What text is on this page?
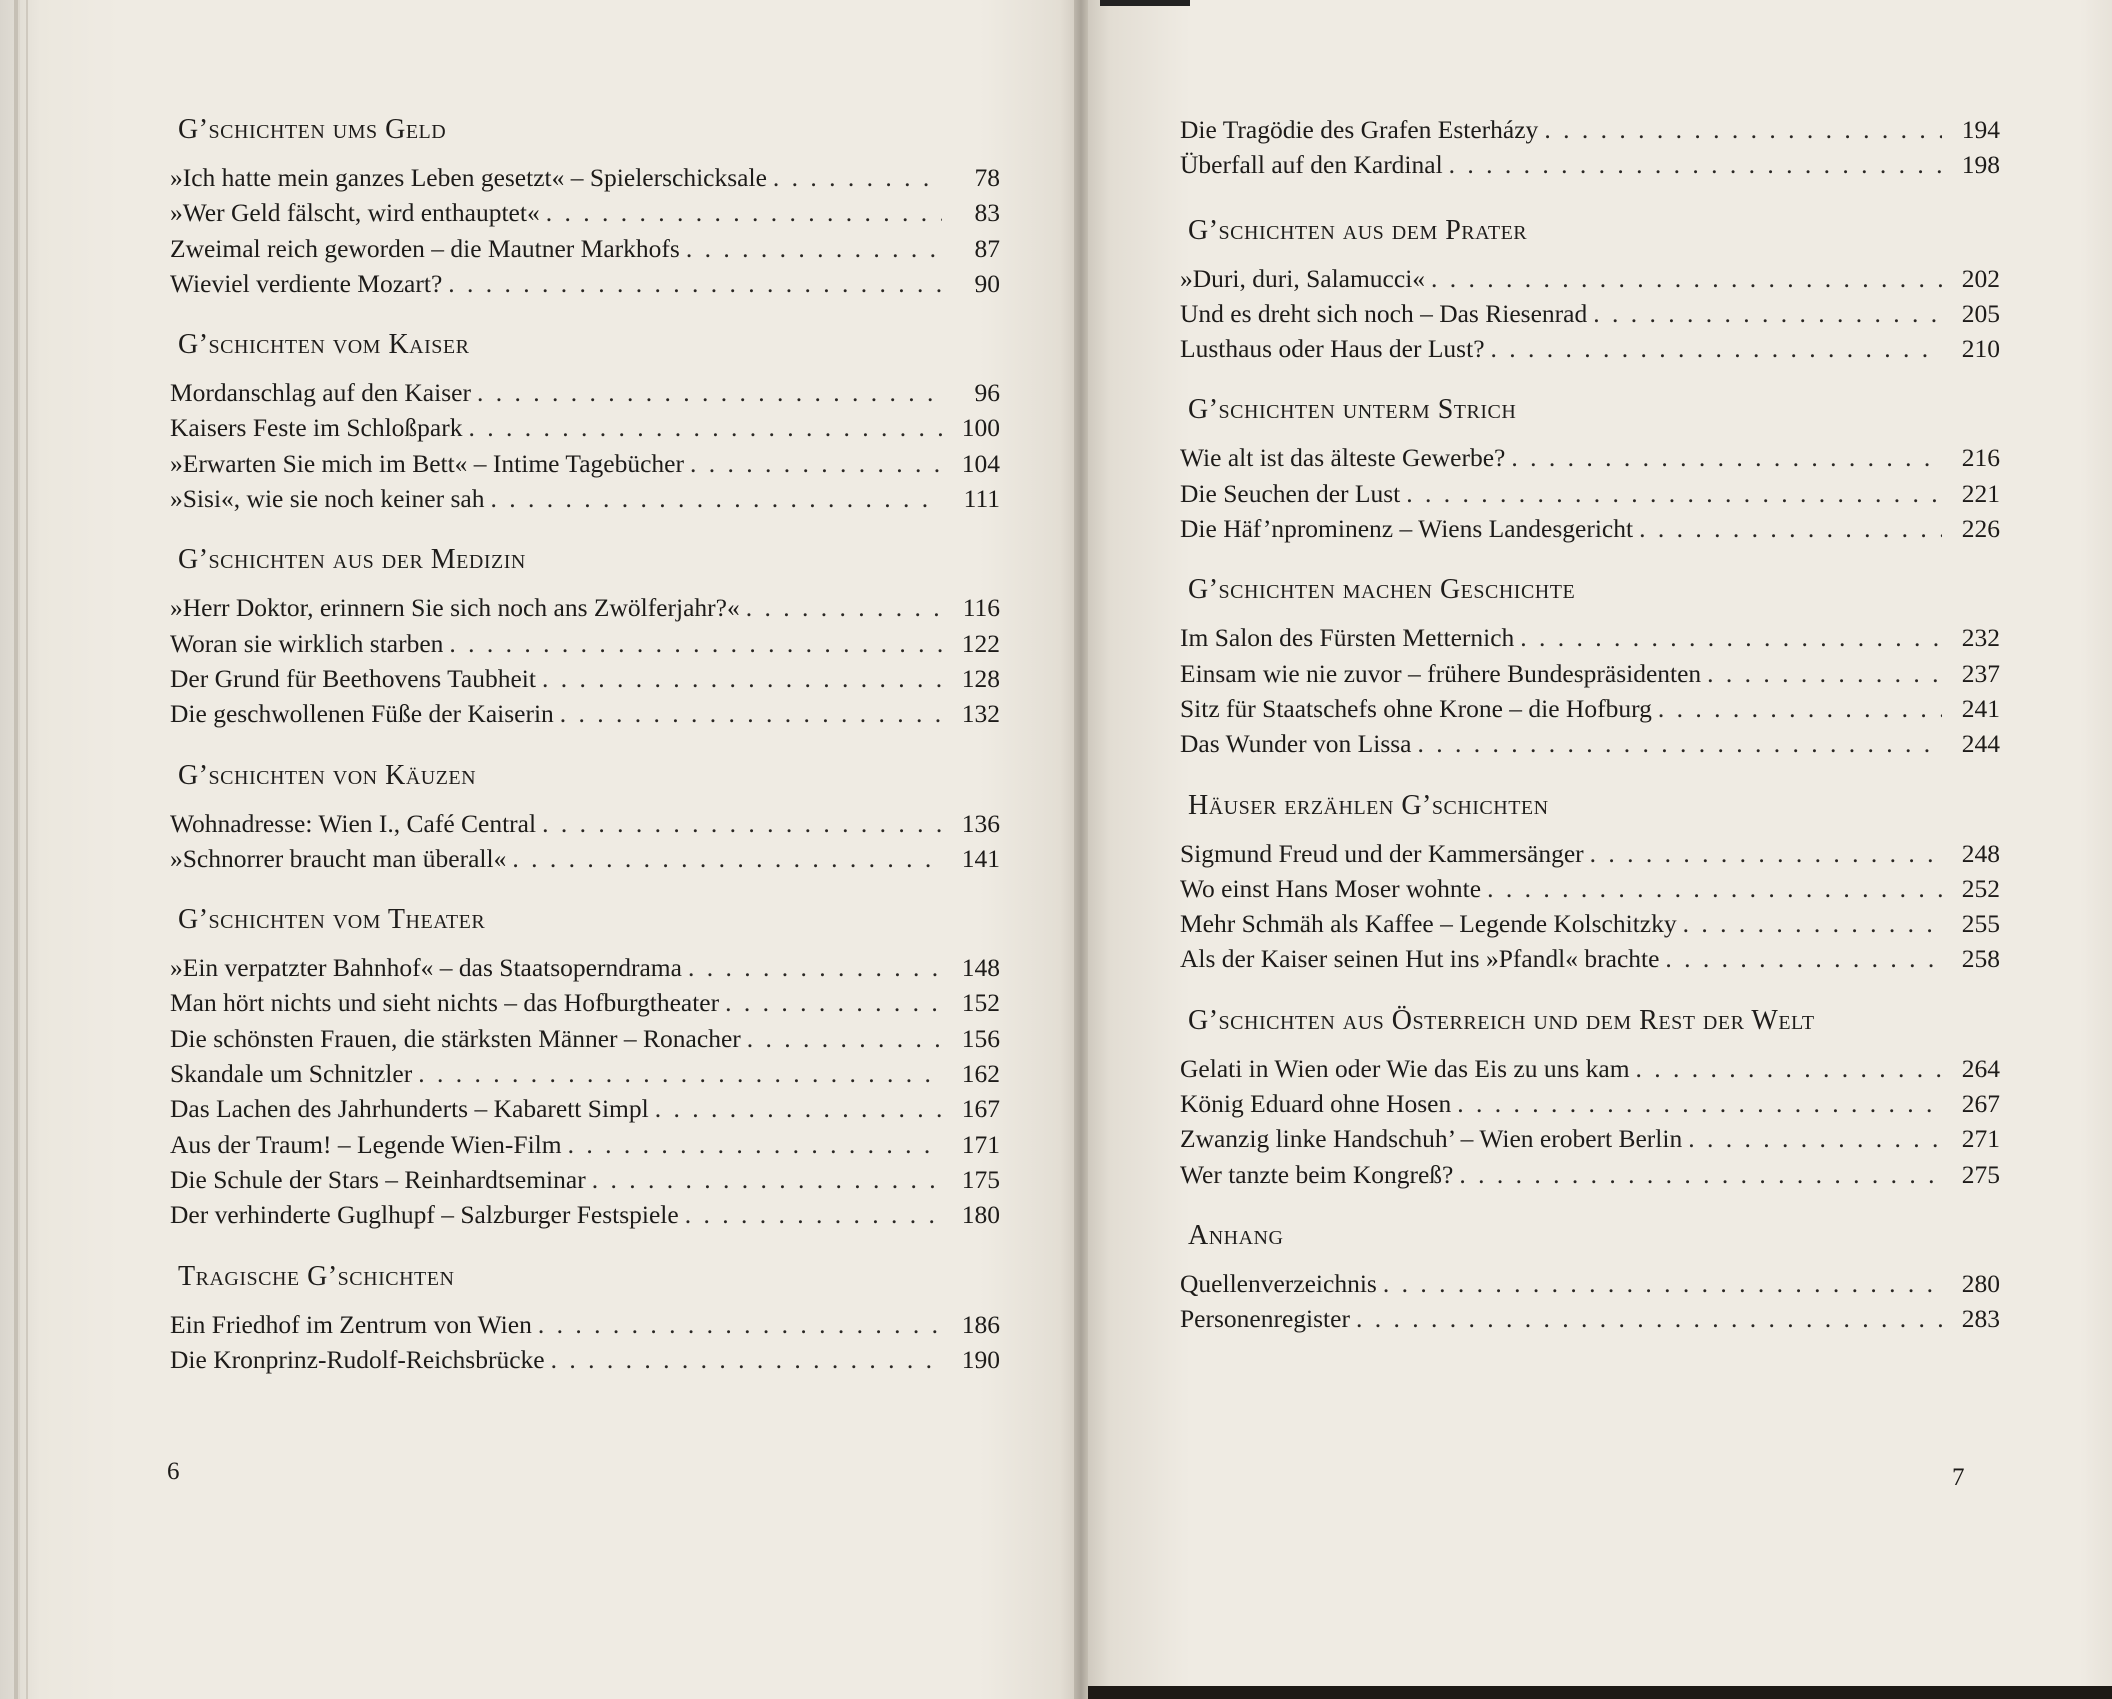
G’schichten ums Geld
»Ich hatte mein ganzes Leben gesetzt« – Spielerschicksale . . .	78
»Wer Geld fälscht, wird enthauptet« . . .	83
Zweimal reich geworden – die Mautner Markhofs . . .	87
Wieviel verdiente Mozart? . . .	90
G’schichten vom Kaiser
Mordanschlag auf den Kaiser . . .	96
Kaisers Feste im Schloßpark . . .	100
»Erwarten Sie mich im Bett« – Intime Tagebücher . . .	104
»Sisi«, wie sie noch keiner sah . . .	111
G’schichten aus der Medizin
»Herr Doktor, erinnern Sie sich noch ans Zwölferjahr?« . . .	116
Woran sie wirklich starben . . .	122
Der Grund für Beethovens Taubheit . . .	128
Die geschwollenen Füße der Kaiserin . . .	132
G’schichten von Käuzen
Wohnadresse: Wien I., Café Central . . .	136
»Schnorrer braucht man überall« . . .	141
G’schichten vom Theater
»Ein verpatzter Bahnhof« – das Staatsoperndrama . . .	148
Man hört nichts und sieht nichts – das Hofburgtheater . . .	152
Die schönsten Frauen, die stärksten Männer – Ronacher . . .	156
Skandale um Schnitzler . . .	162
Das Lachen des Jahrhunderts – Kabarett Simpl . . .	167
Aus der Traum! – Legende Wien-Film . . .	171
Die Schule der Stars – Reinhardtseminar . . .	175
Der verhinderte Guglhupf – Salzburger Festspiele . . .	180
Tragische G’schichten
Ein Friedhof im Zentrum von Wien . . .	186
Die Kronprinz-Rudolf-Reichsbrücke . . .	190
6
Die Tragödie des Grafen Esterházy . . .	194
Überfall auf den Kardinal . . .	198
G’schichten aus dem Prater
»Duri, duri, Salamucci« . . .	202
Und es dreht sich noch – Das Riesenrad . . .	205
Lusthaus oder Haus der Lust? . . .	210
G’schichten unterm Strich
Wie alt ist das älteste Gewerbe? . . .	216
Die Seuchen der Lust . . .	221
Die Häf’nprominenz – Wiens Landesgericht . . .	226
G’schichten machen Geschichte
Im Salon des Fürsten Metternich . . .	232
Einsam wie nie zuvor – frühere Bundespräsidenten . . .	237
Sitz für Staatschefs ohne Krone – die Hofburg . . .	241
Das Wunder von Lissa . . .	244
Häuser erzählen G’schichten
Sigmund Freud und der Kammersänger . . .	248
Wo einst Hans Moser wohnte . . .	252
Mehr Schmäh als Kaffee – Legende Kolschitzky . . .	255
Als der Kaiser seinen Hut ins »Pfandl« brachte . . .	258
G’schichten aus Österreich und dem Rest der Welt
Gelati in Wien oder Wie das Eis zu uns kam . . .	264
König Eduard ohne Hosen . . .	267
Zwanzig linke Handschuh’ – Wien erobert Berlin . . .	271
Wer tanzte beim Kongreß? . . .	275
Anhang
Quellenverzeichnis . . .	280
Personenregister . . .	283
7
